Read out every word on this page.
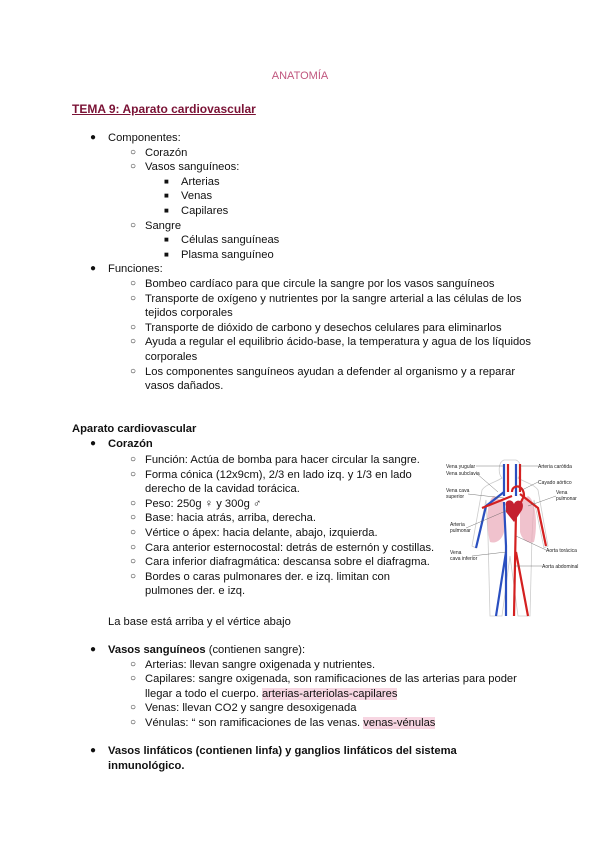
ANATOMÍA
TEMA 9: Aparato cardiovascular
● Componentes:
○ Corazón
○ Vasos sanguíneos:
■ Arterias
■ Venas
■ Capilares
○ Sangre
■ Células sanguíneas
■ Plasma sanguíneo
● Funciones:
○ Bombeo cardíaco para que circule la sangre por los vasos sanguíneos
○ Transporte de oxígeno y nutrientes por la sangre arterial a las células de los
tejidos corporales
○ Transporte de dióxido de carbono y desechos celulares para eliminarlos
○ Ayuda a regular el equilibrio ácido-base, la temperatura y agua de los líquidos
corporales
○ Los componentes sanguíneos ayudan a defender al organismo y a reparar
vasos dañados.
Aparato cardiovascular
● Corazón
○ Función: Actúa de bomba para hacer circular la sangre.
○ Forma cónica (12x9cm), 2/3 en lado izq. y 1/3 en lado
derecho de la cavidad torácica.
○ Peso: 250g ♀ y 300g ♂
○ Base: hacia atrás, arriba, derecha.
○ Vértice o ápex: hacia delante, abajo, izquierda.
○ Cara anterior esternocostal: detrás de esternón y costillas.
○ Cara inferior diafragmática: descansa sobre el diafragma.
○ Bordes o caras pulmonares der. e izq. limitan con
pulmones der. e izq.
La base está arriba y el vértice abajo
● Vasos sanguíneos (contienen sangre):
○ Arterias: llevan sangre oxigenada y nutrientes.
○ Capilares: sangre oxigenada, son ramificaciones de las arterias para poder
llegar a todo el cuerpo. arterias-arteriolas-capilares
○ Venas: llevan CO2 y sangre desoxigenada
○ Vénulas: “ son ramificaciones de las venas. venas-vénulas
● Vasos linfáticos (contienen linfa) y ganglios linfáticos del sistema
inmunológico.
Vena yugular
Vena subclavia
Vena cava
superior
Arteria
pulmonar
Vena
cava inferior
Arteria carótida
Cayado aórtico
Vena
pulmonar
Aorta torácica
Aorta abdominal
